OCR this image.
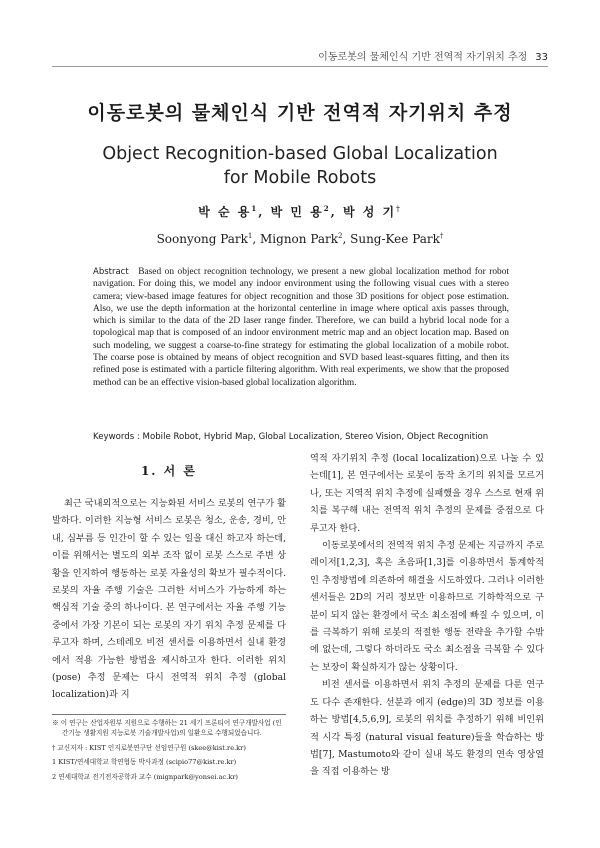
이동로봇의 물체인식 기반 전역적 자기위치 추정 33
이동로봇의 물체인식 기반 전역적 자기위치 추정
Object Recognition-based Global Localization
for Mobile Robots
박 순 용$^1$, 박 민 용$^2$, 박 성 기†
Soonyong Park$^1$, Mignon Park$^2$, Sung-Kee Park†

Abstract Based on object recognition technology, we present a new global localization method for robot navigation. For doing this, we model any indoor environment using the following visual cues with a stereo camera; view-based image features for object recognition and those 3D positions for object pose estimation. Also, we use the depth information at the horizontal centerline in image where optical axis passes through, which is similar to the data of the 2D laser range finder. Therefore, we can build a hybrid local node for a topological map that is composed of an indoor environment metric map and an object location map. Based on such modeling, we suggest a coarse-to-fine strategy for estimating the global localization of a mobile robot. The coarse pose is obtained by means of object recognition and SVD based least-squares fitting, and then its refined pose is estimated with a particle filtering algorithm. With real experiments, we show that the proposed method can be an effective vision-based global localization algorithm.

Keywords : Mobile Robot, Hybrid Map, Global Localization, Stereo Vision, Object Recognition

1. 서 론

최근 국내외적으로는 지능화된 서비스 로봇의 연구가 활발하다. 이러한 지능형 서비스 로봇은 청소, 운송, 경비, 안내, 심부름 등 인간이 할 수 있는 일을 대신 하고자 하는데, 이를 위해서는 별도의 외부 조작 없이 로봇 스스로 주변 상황을 인지하여 행동하는 로봇 자율성의 확보가 필수적이다. 로봇의 자율 주행 기술은 그러한 서비스가 가능하게 하는 핵심적 기술 중의 하나이다. 본 연구에서는 자율 주행 기능 중에서 가장 기본이 되는 로봇의 자기 위치 추정 문제를 다루고자 하며, 스테레오 비전 센서를 이용하면서 실내 환경에서 적용 가능한 방법을 제시하고자 한다. 이러한 위치 (pose) 추정 문제는 다시 전역적 위치 추정 (global localization)과 지

※ 이 연구는 산업자원부 지원으로 수행하는 21 세기 프론티어 연구개발사업 (인간기능 생활지원 지능로봇 기술개발사업)의 일환으로 수행되었습니다.
† 교신저자 : KIST 인지로봇연구단 선임연구원 (skee@kist.re.kr)
1 KIST/연세대학교 학연협동 박사과정 (scipio77@kist.re.kr)
2 연세대학교 전기전자공학과 교수 (mignpark@yonsei.ac.kr)

역적 자기위치 추정 (local localization)으로 나눌 수 있는데[1], 본 연구에서는 로봇이 동작 초기의 위치를 모르거나, 또는 지역적 위치 추정에 실패했을 경우 스스로 현재 위치를 복구해 내는 전역적 위치 추정의 문제를 중점으로 다루고자 한다.

이동로봇에서의 전역적 위치 추정 문제는 지금까지 주로 레이저[1,2,3], 혹은 초음파[1,3]를 이용하면서 통계학적인 추정방법에 의존하여 해결을 시도하였다. 그러나 이러한 센서들은 2D의 거리 정보만 이용하므로 기하학적으로 구분이 되지 않는 환경에서 국소 최소점에 빠질 수 있으며, 이를 극복하기 위해 로봇의 적절한 행동 전략을 추가할 수밖에 없는데, 그렇다 하더라도 국소 최소점을 극복할 수 있다는 보장이 확실하지가 않는 상황이다.

비전 센서를 이용하면서 위치 추정의 문제를 다룬 연구도 다수 존재한다. 선분과 에지 (edge)의 3D 정보를 이용하는 방법[4,5,6,9], 로봇의 위치를 추정하기 위해 비인위적 시각 특징 (natural visual feature)들을 학습하는 방법[7], Mastumoto와 같이 실내 복도 환경의 연속 영상열을 직접 이용하는 방
